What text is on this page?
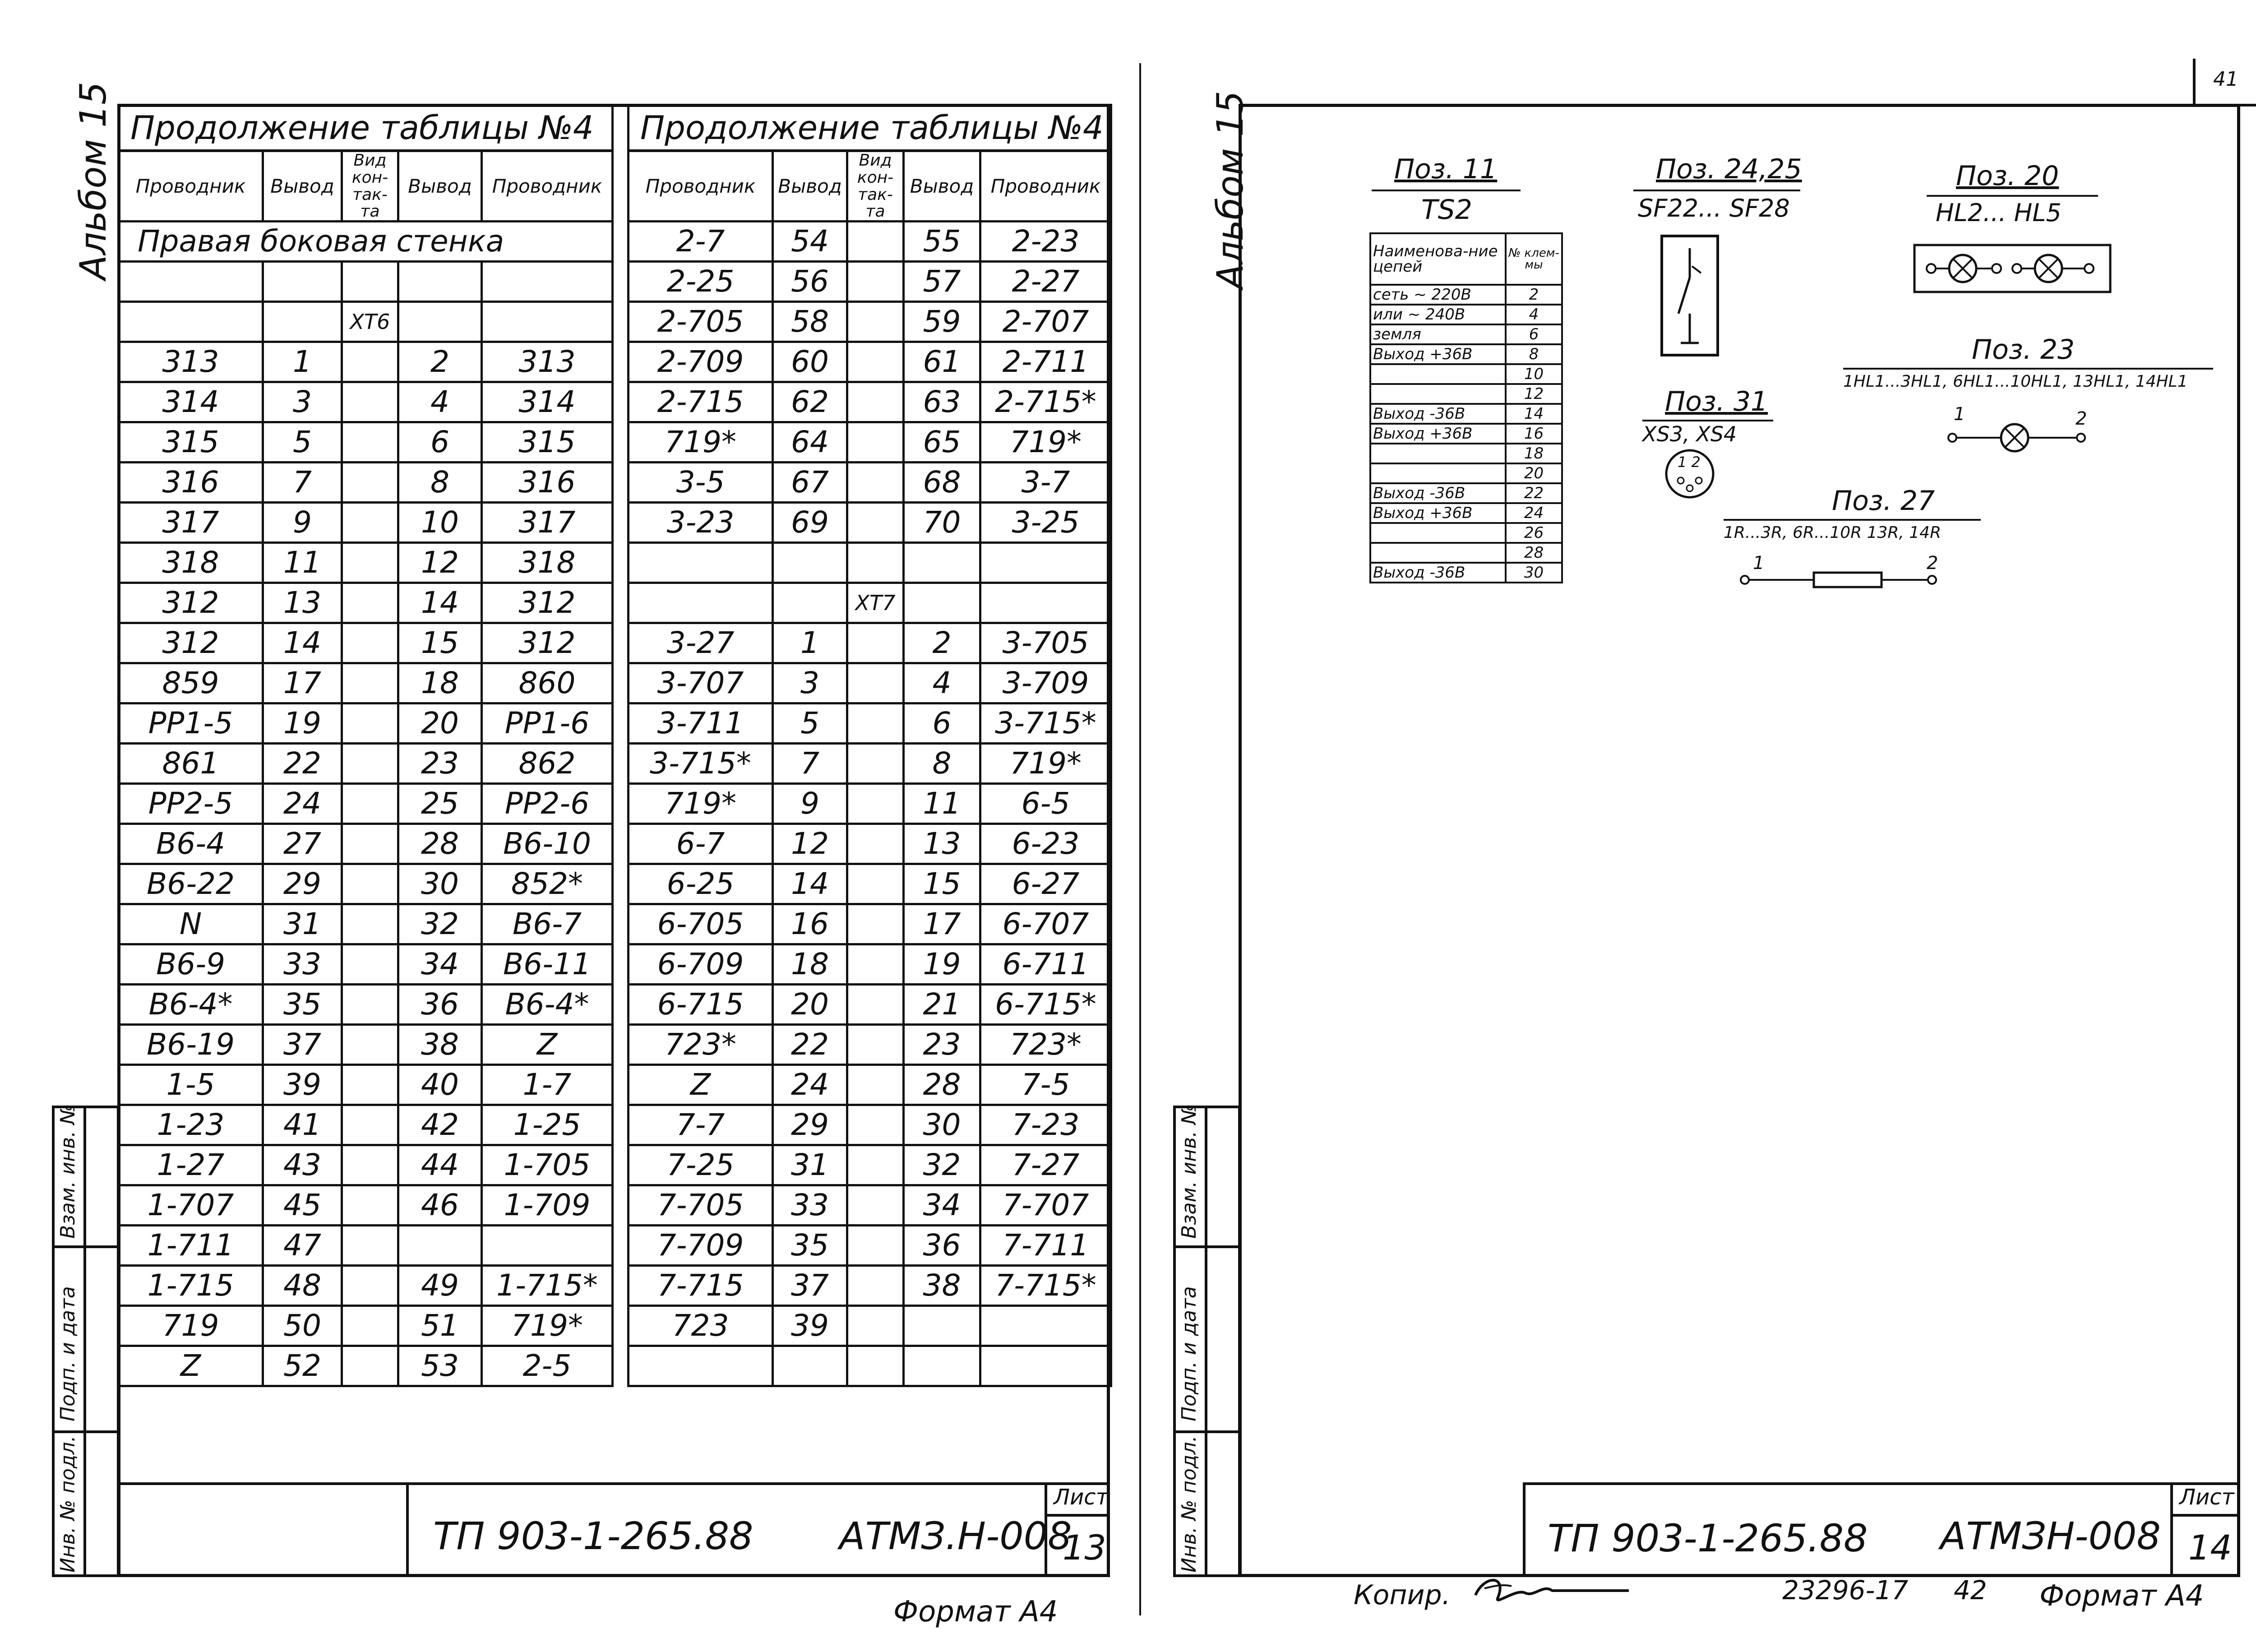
41
Альбом 15 Продолжение таблицы №4				
Проводник	Вывод	Вид кон-так-та	Вывод	Проводник
Правая боковая стенка				

		XT6		
313	1		2	313
314	3		4	314
315	5		6	315
316	7		8	316
317	9		10	317
318	11		12	318
312	13		14	312
312	14		15	312
859	17		18	860
PP1-5	19		20	PP1-6
861	22		23	862
PP2-5	24		25	PP2-6
B6-4	27		28	B6-10
B6-22	29		30	852*
N	31		32	B6-7
B6-9	33		34	B6-11
B6-4*	35		36	B6-4*
B6-19	37		38	Z
1-5	39		40	1-7
1-23	41		42	1-25
1-27	43		44	1-705
1-707	45		46	1-709
1-711	47			
1-715	48		49	1-715*
719	50		51	719*
Z	52		53	2-5
Продолжение таблицы №4				
Проводник	Вывод	Вид кон-так-та	Вывод	Проводник
2-7	54		55	2-23
2-25	56		57	2-27
2-705	58		59	2-707
2-709	60		61	2-711
2-715	62		63	2-715*
719*	64		65	719*
3-5	67		68	3-7
3-23	69		70	3-25

		XT7		
3-27	1		2	3-705
3-707	3		4	3-709
3-711	5		6	3-715*
3-715*	7		8	719*
719*	9		11	6-5
6-7	12		13	6-23
6-25	14		15	6-27
6-705	16		17	6-707
6-709	18		19	6-711
6-715	20		21	6-715*
723*	22		23	723*
Z	24		28	7-5
7-7	29		30	7-23
7-25	31		32	7-27
7-705	33		34	7-707
7-709	35		36	7-711
7-715	37		38	7-715*
723	39			

Взам. инв. №
Подп. и дата
Инв. № подл.	ТП 903-1-265.88 АТМЗ.Н-008
Лист
13
Формат А4
Альбом 15	Поз. 11
TS2
Наименова-ние цепей	№ клем-мы
сеть ~ 220В	2
или ~ 240В	4
земля	6
Выход +36В	8
	10
	12
Выход -36В	14
Выход +36В	16
	18
	20
Выход -36В	22
Выход +36В	24
	26
	28
Выход -36В	30
Поз. 24,25
SF22... SF28
Поз. 20
HL2... HL5
Поз. 23
1HL1...3HL1, 6HL1...10HL1, 13HL1, 14HL1
1	2
Поз. 31
XS3, XS4
1 2
Поз. 27
1R...3R, 6R...10R 13R, 14R
1	2
Взам. инв. №
Подп. и дата
Инв. № подл.	ТП 903-1-265.88 АТМЗН-008
Лист
14
Копир.	23296-17 42 Формат А4
